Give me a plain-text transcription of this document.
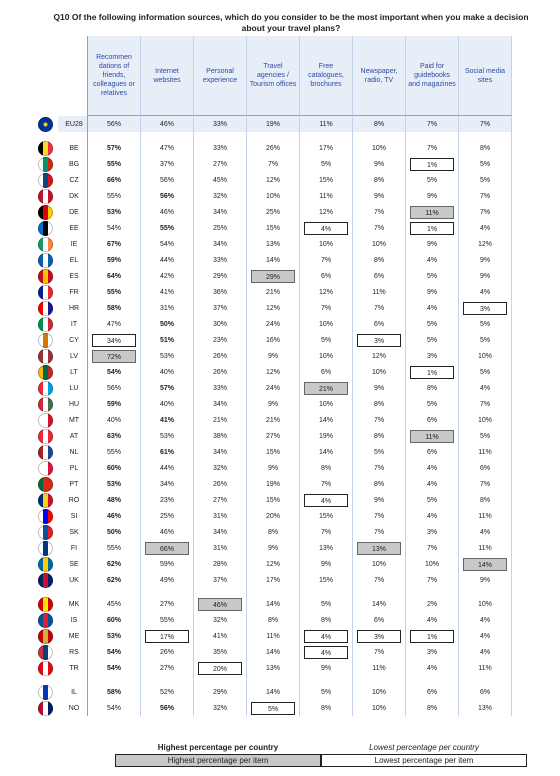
Q10 Of the following information sources, which do you consider to be the most important when you make a decision about your travel plans?
		Recommen dations of friends, colleagues or relatives	Internet websites	Personal experience	Travel agencies / Tourism offices	Free catalogues, brochures	Newspaper, radio, TV	Paid for guidebooks and magazines	Social media sites
	EU28	56%	46%	33%	19%	11%	8%	7%	7%

	BE	57%	47%	33%	26%	17%	10%	7%	8%
	BG	55%	37%	27%	7%	5%	9%	1%	5%
	CZ	66%	56%	45%	12%	15%	8%	5%	5%
	DK	55%	56%	32%	10%	11%	9%	9%	7%
	DE	53%	46%	34%	25%	12%	7%	11%	7%
	EE	54%	55%	25%	15%	4%	7%	1%	4%
	IE	67%	54%	34%	13%	10%	10%	9%	12%
	EL	59%	44%	33%	14%	7%	8%	4%	9%
	ES	64%	42%	29%	29%	6%	6%	5%	9%
	FR	55%	41%	36%	21%	12%	11%	9%	4%
	HR	58%	31%	37%	12%	7%	7%	4%	3%
	IT	47%	50%	30%	24%	10%	6%	5%	5%
	CY	34%	51%	23%	16%	5%	3%	5%	5%
	LV	72%	53%	26%	9%	10%	12%	3%	10%
	LT	54%	40%	26%	12%	6%	10%	1%	5%
	LU	56%	57%	33%	24%	21%	9%	8%	4%
	HU	59%	40%	34%	9%	10%	8%	5%	7%
	MT	40%	41%	21%	21%	14%	7%	6%	10%
	AT	63%	53%	38%	27%	19%	8%	11%	5%
	NL	55%	61%	34%	15%	14%	5%	6%	11%
	PL	60%	44%	32%	9%	8%	7%	4%	6%
	PT	53%	34%	26%	19%	7%	8%	4%	7%
	RO	48%	23%	27%	15%	4%	9%	5%	8%
	SI	46%	25%	31%	20%	15%	7%	4%	11%
	SK	50%	46%	34%	8%	7%	7%	3%	4%
	FI	55%	66%	31%	9%	13%	13%	7%	11%
	SE	62%	59%	28%	12%	9%	10%	10%	14%
	UK	62%	49%	37%	17%	15%	7%	7%	9%

	MK	45%	27%	46%	14%	5%	14%	2%	10%
	IS	60%	55%	32%	8%	8%	6%	4%	4%
	ME	53%	17%	41%	11%	4%	3%	1%	4%
	RS	54%	26%	35%	14%	4%	7%	3%	4%
	TR	54%	27%	20%	13%	9%	11%	4%	11%

	IL	58%	52%	29%	14%	5%	10%	6%	6%
	NO	54%	56%	32%	5%	8%	10%	8%	13%
Highest percentage per country	Lowest percentage per country
Highest percentage per item	Lowest percentage per item
